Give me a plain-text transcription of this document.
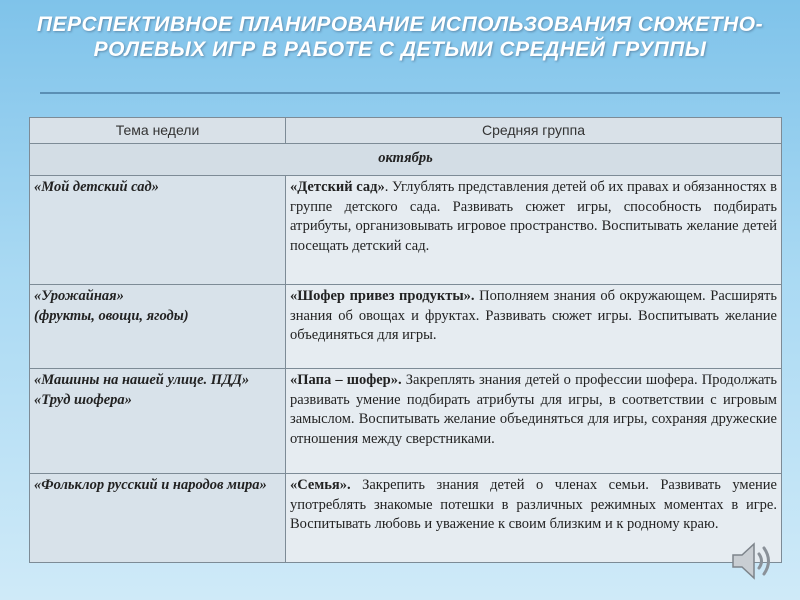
ПЕРСПЕКТИВНОЕ ПЛАНИРОВАНИЕ ИСПОЛЬЗОВАНИЯ СЮЖЕТНО-РОЛЕВЫХ ИГР В РАБОТЕ С ДЕТЬМИ СРЕДНЕЙ ГРУППЫ
Тема недели	Средняя группа
октябрь	

«Мой детский сад»	«Детский сад». Углублять представления детей об их правах и обязанностях в группе детского сада. Развивать сюжет игры, способность подбирать атрибуты, организовывать игровое пространство. Воспитывать желание детей посещать детский сад.

«Урожайная»
(фрукты, овощи, ягоды)	«Шофер привез продукты». Пополняем знания об окружающем. Расширять знания об овощах и фруктах. Развивать сюжет игры. Воспитывать желание объединяться для игры.

«Машины на нашей улице. ПДД»
«Труд шофера»	«Папа – шофер». Закреплять знания детей о профессии шофера. Продолжать развивать умение подбирать атрибуты для игры, в соответствии с игровым замыслом. Воспитывать желание объединяться для игры, сохраняя дружеские отношения между сверстниками.

«Фольклор русский и народов мира»	«Семья». Закрепить знания детей о членах семьи. Развивать умение употреблять знакомые потешки в различных режимных моментах в игре. Воспитывать любовь и уважение к своим близким и к родному краю.
